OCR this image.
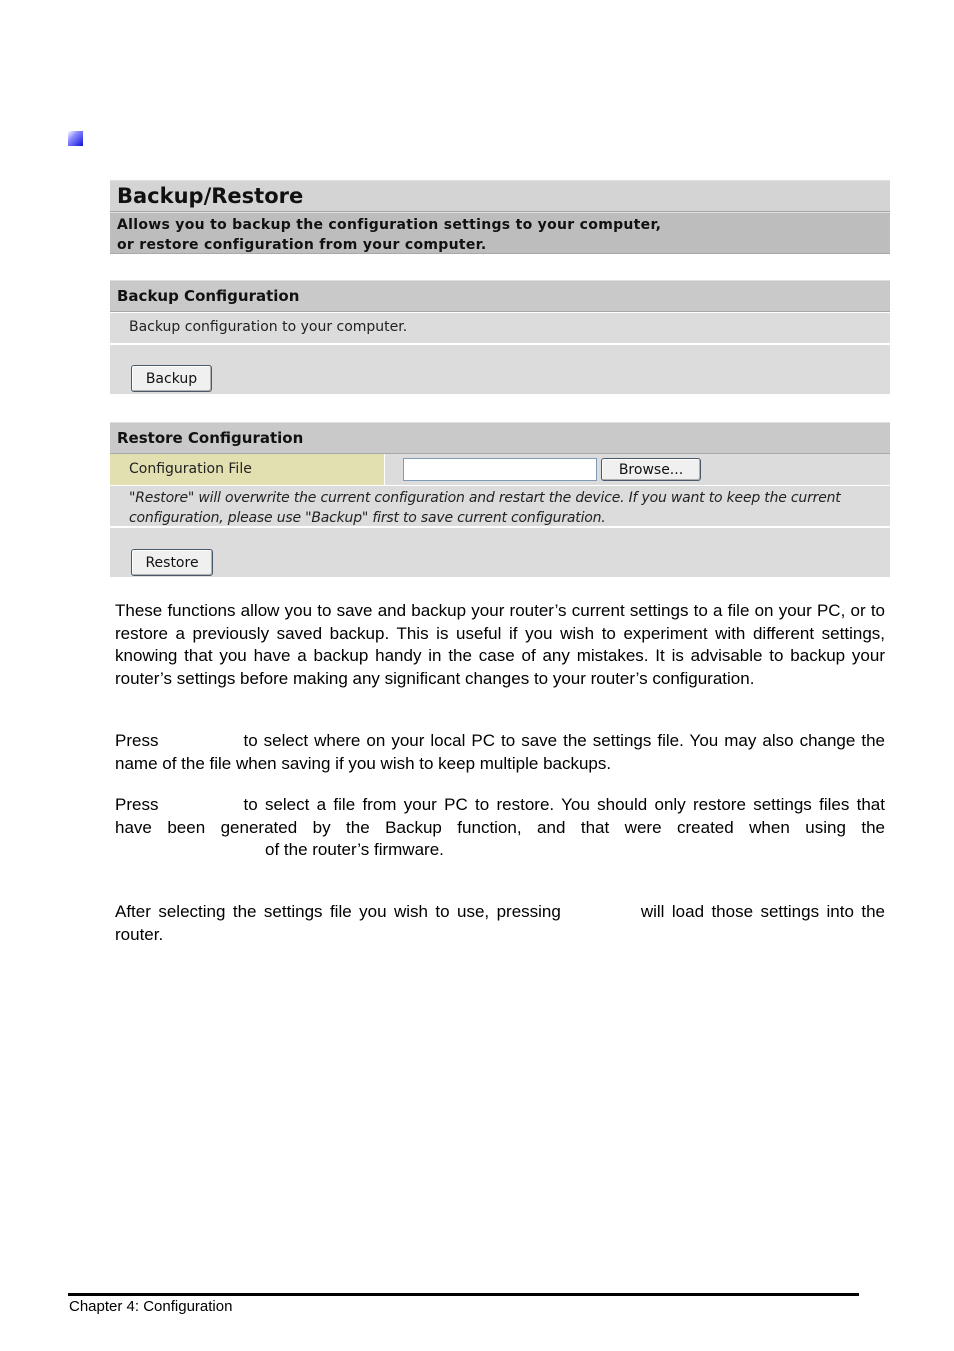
Backup/Restore
Allows you to backup the configuration settings to your computer,
or restore configuration from your computer.
Backup Configuration
Backup configuration to your computer.
Backup
Restore Configuration
Configuration File	Browse...
"Restore" will overwrite the current configuration and restart the device. If you want to keep the current
configuration, please use "Backup" first to save current configuration.
Restore

These functions allow you to save and backup your router’s current settings to a file on your PC, or to restore a previously saved backup. This is useful if you wish to experiment with different settings, knowing that you have a backup handy in the case of any mistakes. It is advisable to backup your router’s settings before making any significant changes to your router’s configuration.

Press	to select where on your local PC to save the settings file. You may also change the name of the file when saving if you wish to keep multiple backups.

Press	to select a file from your PC to restore. You should only restore settings files that have been generated by the Backup function, and that were created when using theof the router’s firmware.

After selecting the settings file you wish to use, pressing	will load those settings into the router.

Chapter 4: Configuration
